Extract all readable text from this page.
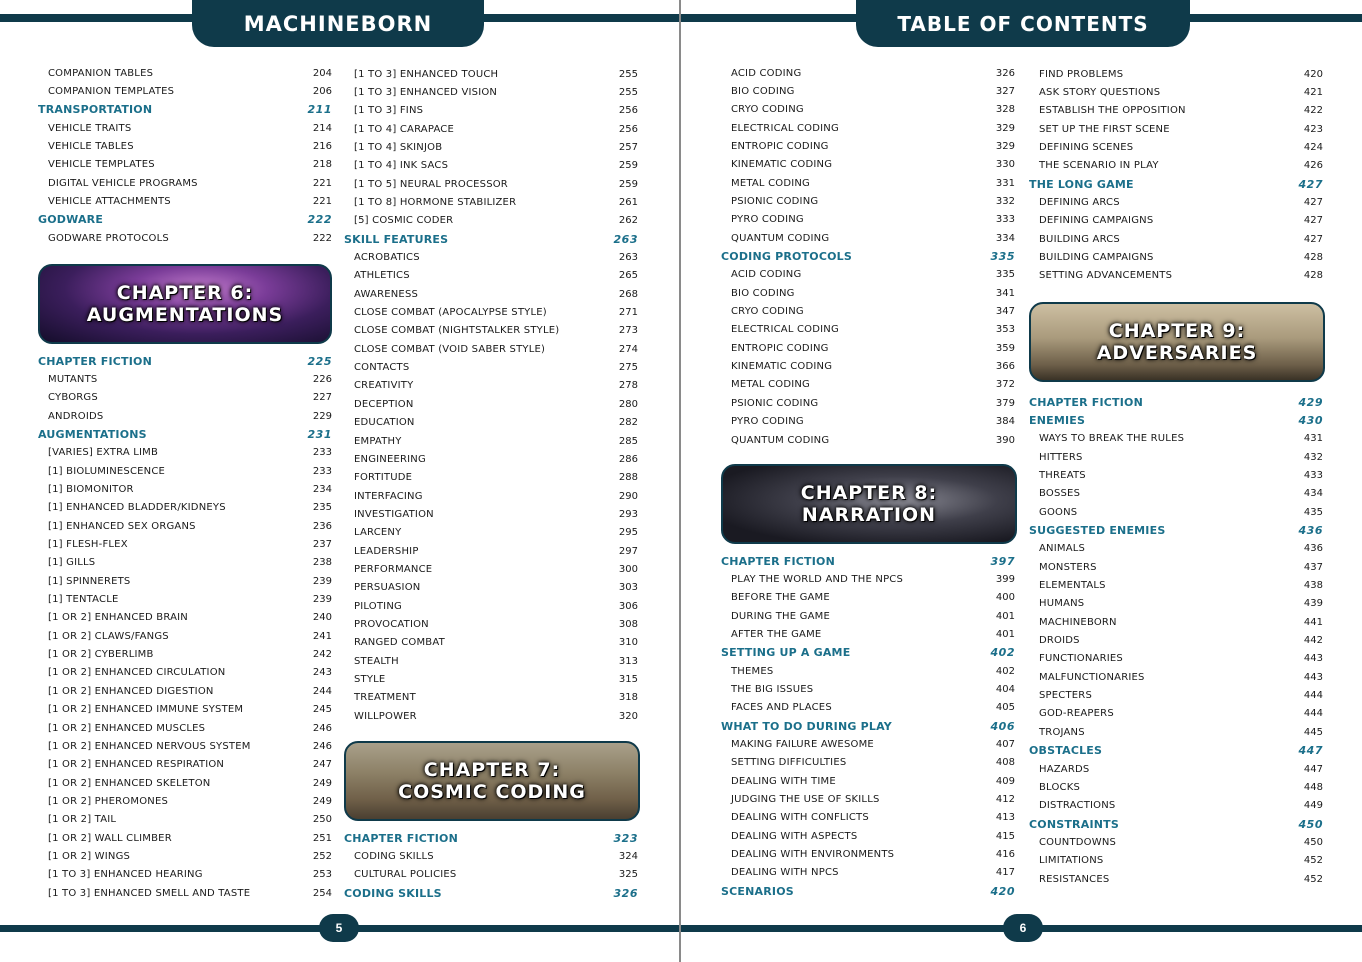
MACHINEBORN	TABLE OF CONTENTS
COMPANION TABLES	204
COMPANION TEMPLATES	206
TRANSPORTATION	211
VEHICLE TRAITS	214
VEHICLE TABLES	216
VEHICLE TEMPLATES	218
DIGITAL VEHICLE PROGRAMS	221
VEHICLE ATTACHMENTS	221
GODWARE	222
GODWARE PROTOCOLS	222
CHAPTER FICTION	225
MUTANTS	226
CYBORGS	227
ANDROIDS	229
AUGMENTATIONS	231
[VARIES] EXTRA LIMB	233
[1] BIOLUMINESCENCE	233
[1] BIOMONITOR	234
[1] ENHANCED BLADDER/KIDNEYS	235
[1] ENHANCED SEX ORGANS	236
[1] FLESH-FLEX	237
[1] GILLS	238
[1] SPINNERETS	239
[1] TENTACLE	239
[1 OR 2] ENHANCED BRAIN	240
[1 OR 2] CLAWS/FANGS	241
[1 OR 2] CYBERLIMB	242
[1 OR 2] ENHANCED CIRCULATION	243
[1 OR 2] ENHANCED DIGESTION	244
[1 OR 2] ENHANCED IMMUNE SYSTEM	245
[1 OR 2] ENHANCED MUSCLES	246
[1 OR 2] ENHANCED NERVOUS SYSTEM	246
[1 OR 2] ENHANCED RESPIRATION	247
[1 OR 2] ENHANCED SKELETON	249
[1 OR 2] PHEROMONES	249
[1 OR 2] TAIL	250
[1 OR 2] WALL CLIMBER	251
[1 OR 2] WINGS	252
[1 TO 3] ENHANCED HEARING	253
[1 TO 3] ENHANCED SMELL AND TASTE	254
[1 TO 3] ENHANCED TOUCH	255
[1 TO 3] ENHANCED VISION	255
[1 TO 3] FINS	256
[1 TO 4] CARAPACE	256
[1 TO 4] SKINJOB	257
[1 TO 4] INK SACS	259
[1 TO 5] NEURAL PROCESSOR	259
[1 TO 8] HORMONE STABILIZER	261
[5] COSMIC CODER	262
SKILL FEATURES	263
ACROBATICS	263
ATHLETICS	265
AWARENESS	268
CLOSE COMBAT (APOCALYPSE STYLE)	271
CLOSE COMBAT (NIGHTSTALKER STYLE)	273
CLOSE COMBAT (VOID SABER STYLE)	274
CONTACTS	275
CREATIVITY	278
DECEPTION	280
EDUCATION	282
EMPATHY	285
ENGINEERING	286
FORTITUDE	288
INTERFACING	290
INVESTIGATION	293
LARCENY	295
LEADERSHIP	297
PERFORMANCE	300
PERSUASION	303
PILOTING	306
PROVOCATION	308
RANGED COMBAT	310
STEALTH	313
STYLE	315
TREATMENT	318
WILLPOWER	320
CHAPTER FICTION	323
CODING SKILLS	324
CULTURAL POLICIES	325
CODING SKILLS	326
ACID CODING	326
BIO CODING	327
CRYO CODING	328
ELECTRICAL CODING	329
ENTROPIC CODING	329
KINEMATIC CODING	330
METAL CODING	331
PSIONIC CODING	332
PYRO CODING	333
QUANTUM CODING	334
CODING PROTOCOLS	335
ACID CODING	335
BIO CODING	341
CRYO CODING	347
ELECTRICAL CODING	353
ENTROPIC CODING	359
KINEMATIC CODING	366
METAL CODING	372
PSIONIC CODING	379
PYRO CODING	384
QUANTUM CODING	390
CHAPTER FICTION	397
PLAY THE WORLD AND THE NPCS	399
BEFORE THE GAME	400
DURING THE GAME	401
AFTER THE GAME	401
SETTING UP A GAME	402
THEMES	402
THE BIG ISSUES	404
FACES AND PLACES	405
WHAT TO DO DURING PLAY	406
MAKING FAILURE AWESOME	407
SETTING DIFFICULTIES	408
DEALING WITH TIME	409
JUDGING THE USE OF SKILLS	412
DEALING WITH CONFLICTS	413
DEALING WITH ASPECTS	415
DEALING WITH ENVIRONMENTS	416
DEALING WITH NPCS	417
SCENARIOS	420
FIND PROBLEMS	420
ASK STORY QUESTIONS	421
ESTABLISH THE OPPOSITION	422
SET UP THE FIRST SCENE	423
DEFINING SCENES	424
THE SCENARIO IN PLAY	426
THE LONG GAME	427
DEFINING ARCS	427
DEFINING CAMPAIGNS	427
BUILDING ARCS	427
BUILDING CAMPAIGNS	428
SETTING ADVANCEMENTS	428
CHAPTER FICTION	429
ENEMIES	430
WAYS TO BREAK THE RULES	431
HITTERS	432
THREATS	433
BOSSES	434
GOONS	435
SUGGESTED ENEMIES	436
ANIMALS	436
MONSTERS	437
ELEMENTALS	438
HUMANS	439
MACHINEBORN	441
DROIDS	442
FUNCTIONARIES	443
MALFUNCTIONARIES	443
SPECTERS	444
GOD-REAPERS	444
TROJANS	445
OBSTACLES	447
HAZARDS	447
BLOCKS	448
DISTRACTIONS	449
CONSTRAINTS	450
COUNTDOWNS	450
LIMITATIONS	452
RESISTANCES	452
CHAPTER 6:
AUGMENTATIONS
CHAPTER 7:
COSMIC CODING
CHAPTER 8:
NARRATION
CHAPTER 9:
ADVERSARIES
5	6
